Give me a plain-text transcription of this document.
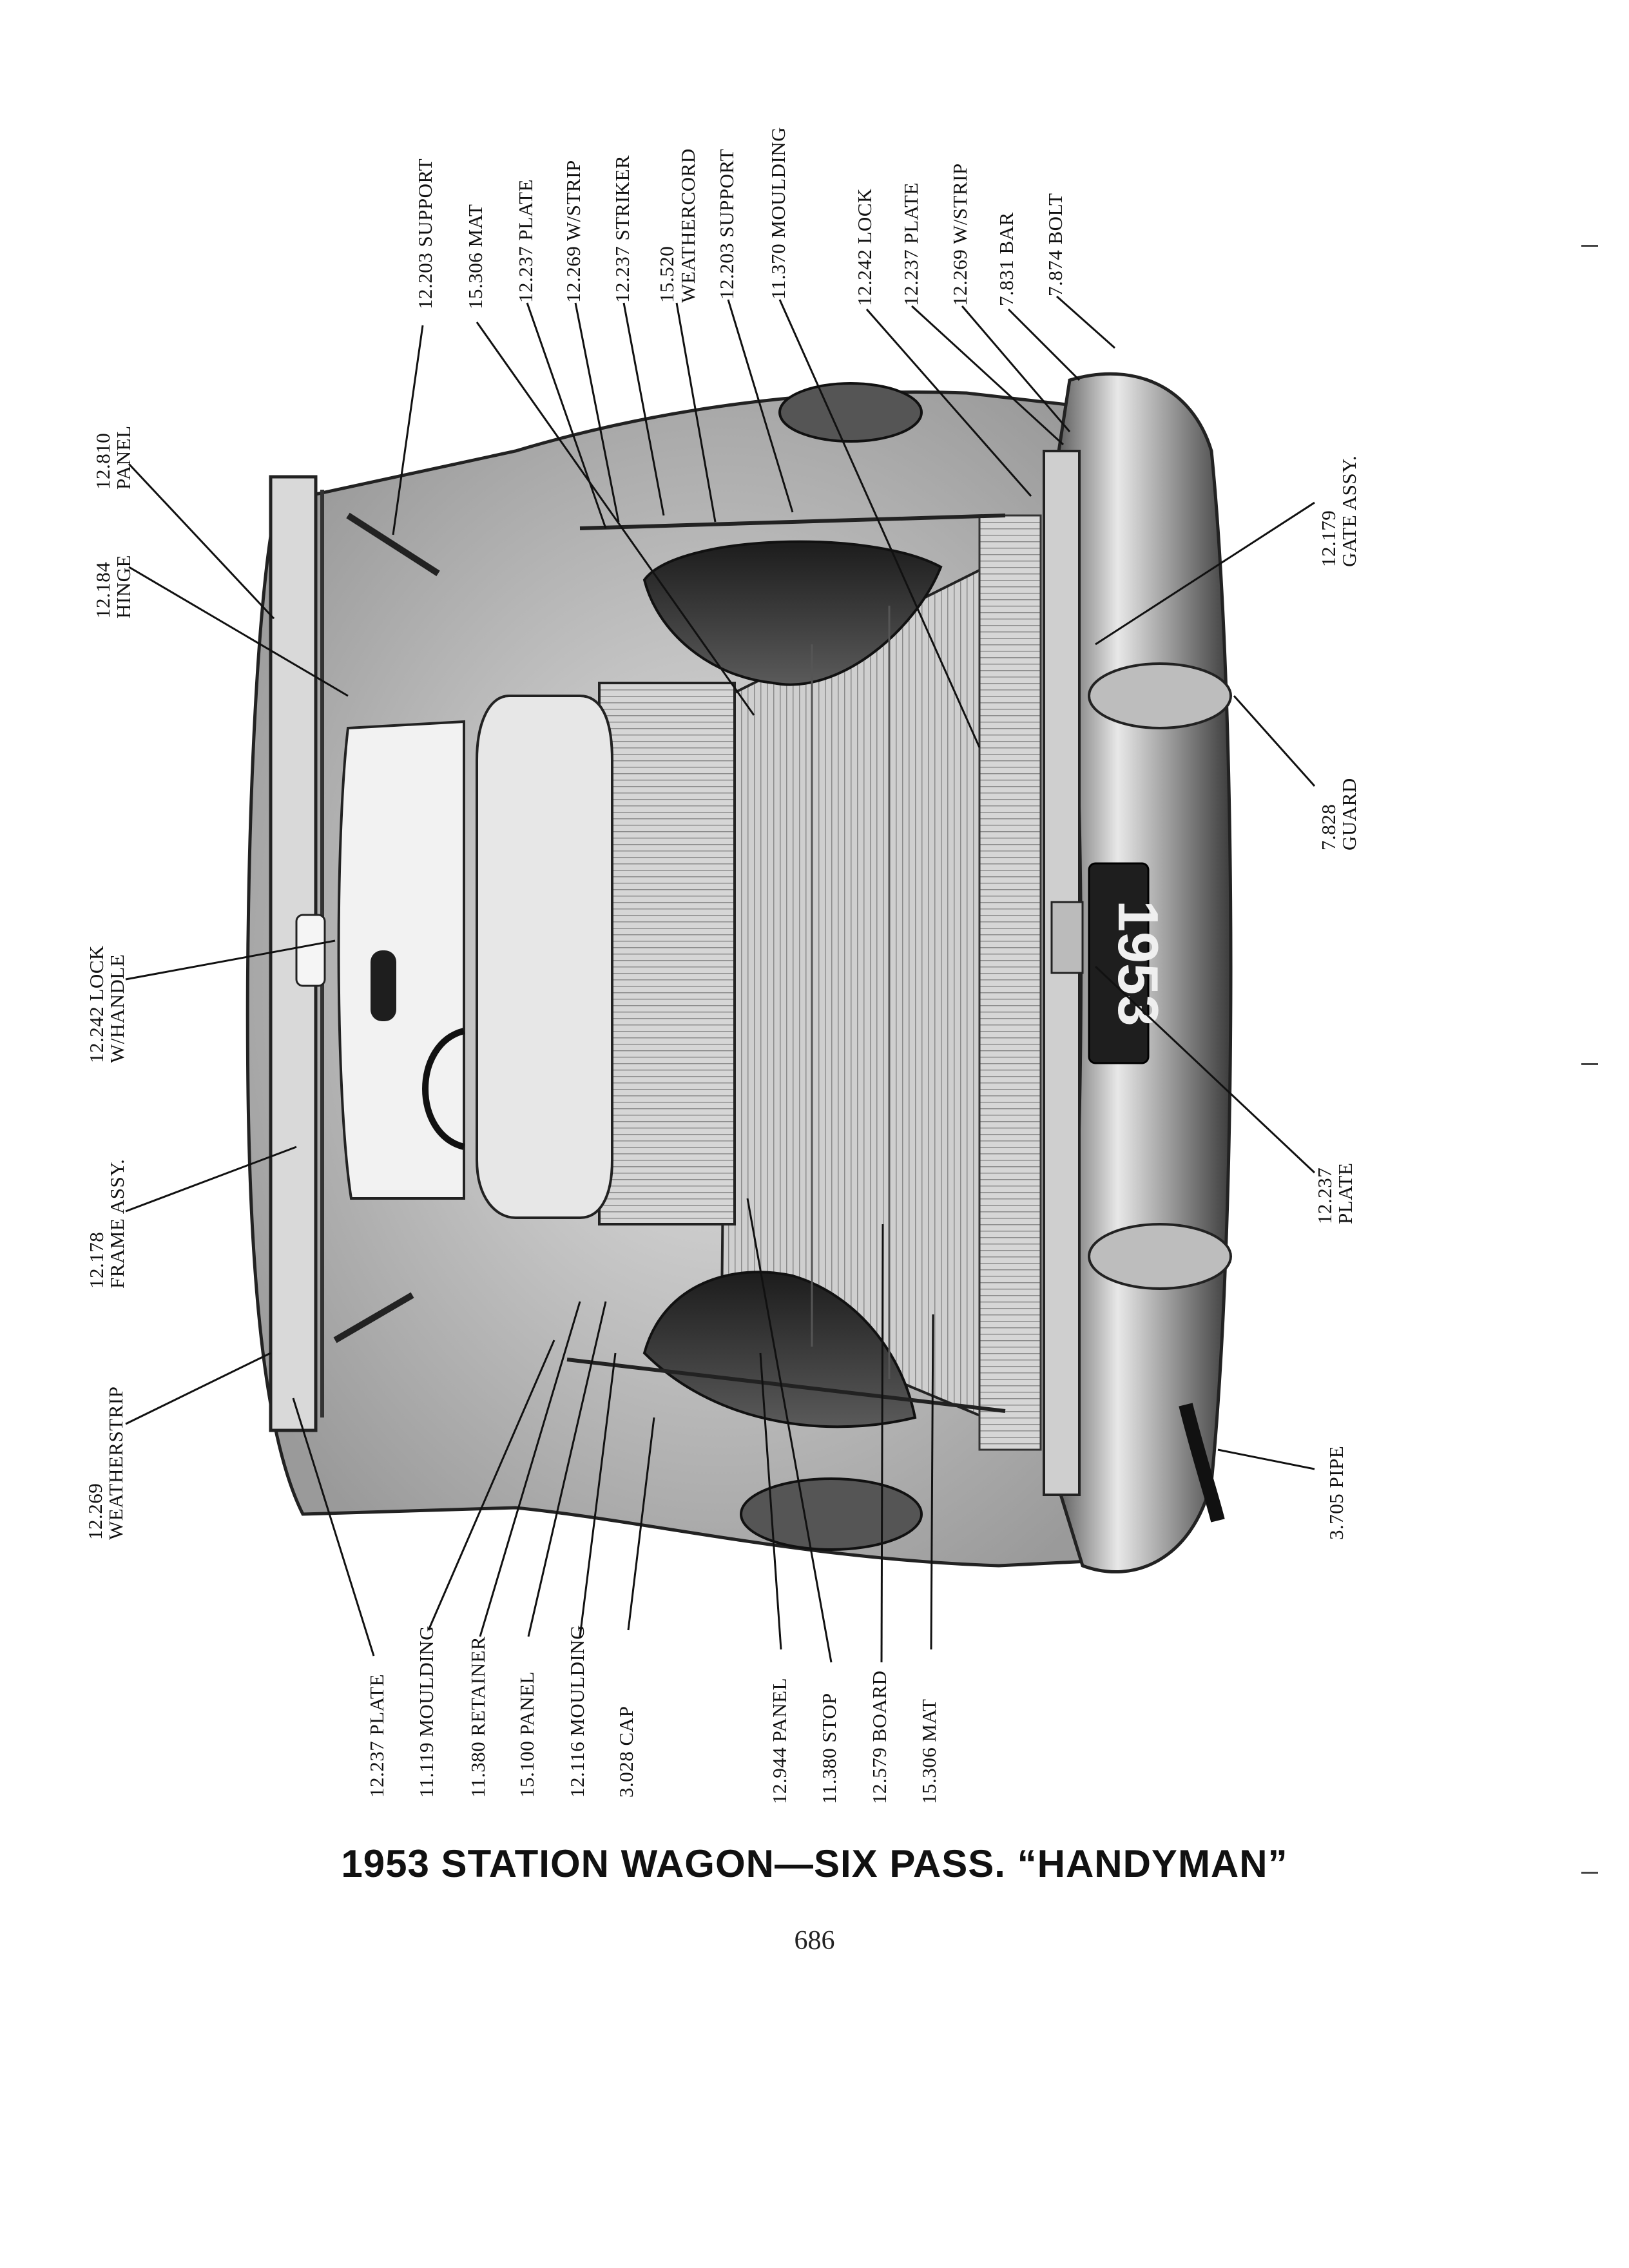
1953
12.203 SUPPORT 15.306 MAT 12.237 PLATE 12.269 W/STRIP 12.237 STRIKER 15.520
WEATHERCORD 12.203 SUPPORT 11.370 MOULDING	12.242 LOCK 12.237 PLATE 12.269 W/STRIP 7.831 BAR 7.874 BOLT
12.810
PANEL
12.184
HINGE
12.242 LOCK
W/HANDLE
12.178
FRAME ASSY.
12.269
WEATHERSTRIP
12.179
GATE ASSY.
7.828
GUARD
12.237
PLATE
3.705 PIPE
12.237 PLATE 11.119 MOULDING 11.380 RETAINER 15.100 PANEL 12.116 MOULDING 3.028 CAP	12.944 PANEL 11.380 STOP 12.579 BOARD 15.306 MAT
1953 STATION WAGON—SIX PASS. “HANDYMAN”
686
